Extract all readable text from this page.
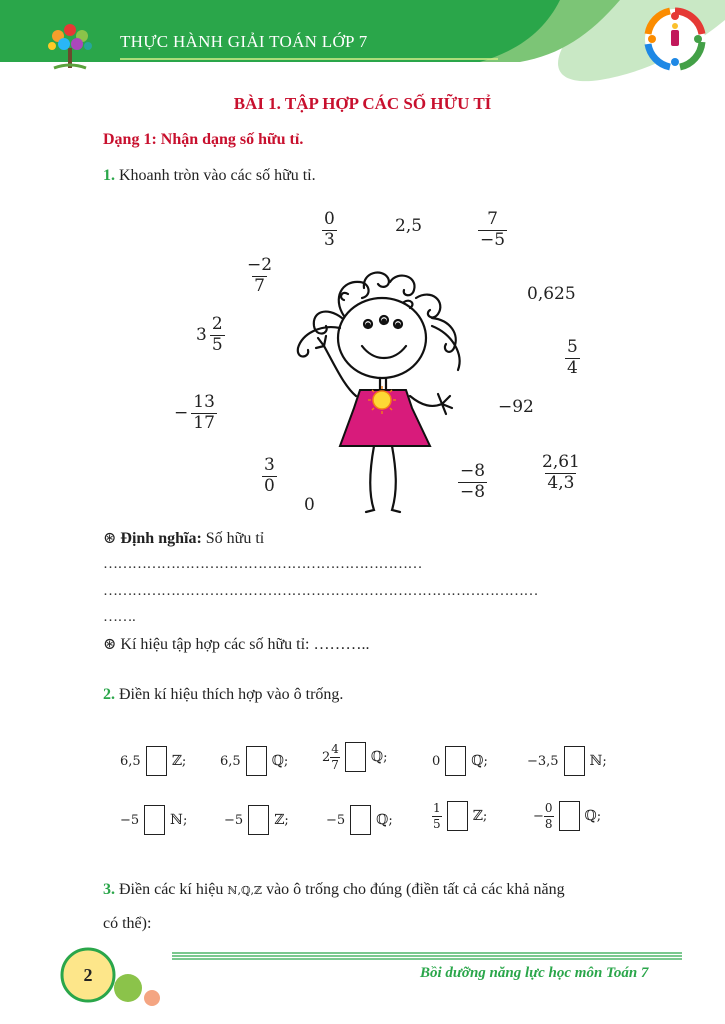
THỰC HÀNH GIẢI TOÁN LỚP 7
BÀI 1. TẬP HỢP CÁC SỐ HỮU TỈ
Dạng 1: Nhận dạng số hữu tỉ.
1. Khoanh tròn vào các số hữu tỉ.
$\frac{0}{3}$	2,5	$\frac{7}{-5}$
$\frac{-2}{7}$	0,625
$3 \frac{2}{5}$
$\frac{5}{4}$
− $\frac{13}{17}$	−92
$\frac{3}{0}$
0
$\frac{-8}{-8}$	$\frac{2,61}{4,3}$
⊛ Định nghĩa: Số hữu tỉ
…………………………………………………………
………………………………………………………………………………
…….
⊛ Kí hiệu tập hợp các số hữu tỉ: ………..
2. Điền kí hiệu thích hợp vào ô trống.
6,5 ℤ ;	6,5 ℚ ;	$2 \frac{4}{7}$ ℚ ;	0 ℚ ;	−3,5 ℕ ;
−5 ℕ ;	−5 ℤ ;	−5 ℚ ;	$\frac{1}{5}$ ℤ ;	− $\frac{0}{8}$ ℚ ;
3. Điền các kí hiệu ℕ,ℚ,ℤ vào ô trống cho đúng (điền tất cả các khả năng
có thể):
2	Bồi dưỡng năng lực học môn Toán 7
